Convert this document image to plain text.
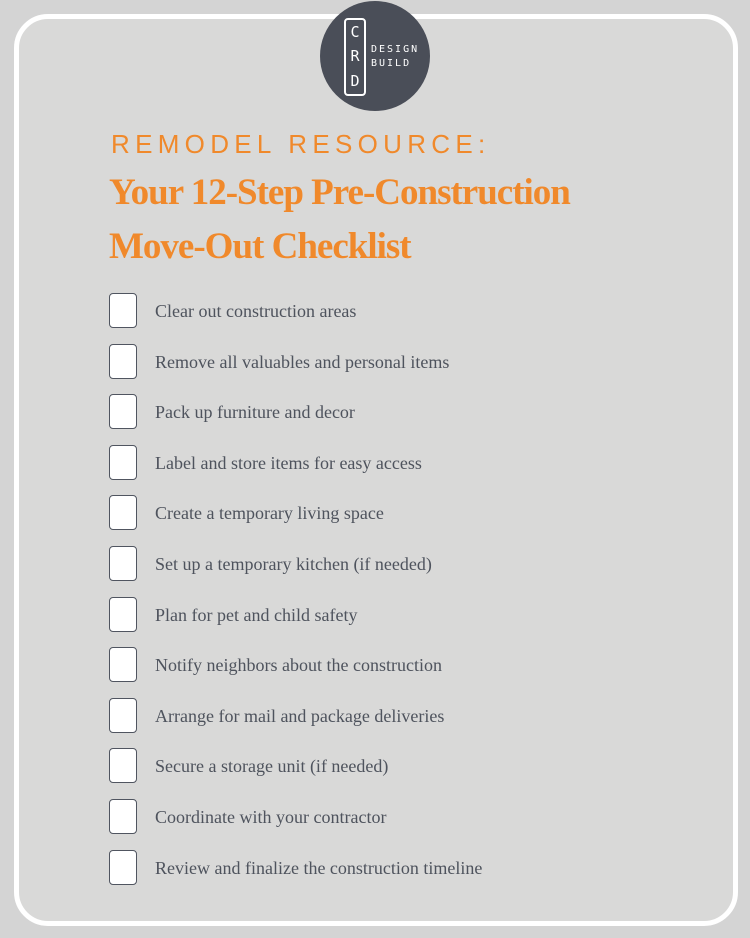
C
R
D
DESIGN
BUILD
REMODEL RESOURCE:
Your 12-Step Pre-Construction
Move-Out Checklist
Clear out construction areas
Remove all valuables and personal items
Pack up furniture and decor
Label and store items for easy access
Create a temporary living space
Set up a temporary kitchen (if needed)
Plan for pet and child safety
Notify neighbors about the construction
Arrange for mail and package deliveries
Secure a storage unit (if needed)
Coordinate with your contractor
Review and finalize the construction timeline
